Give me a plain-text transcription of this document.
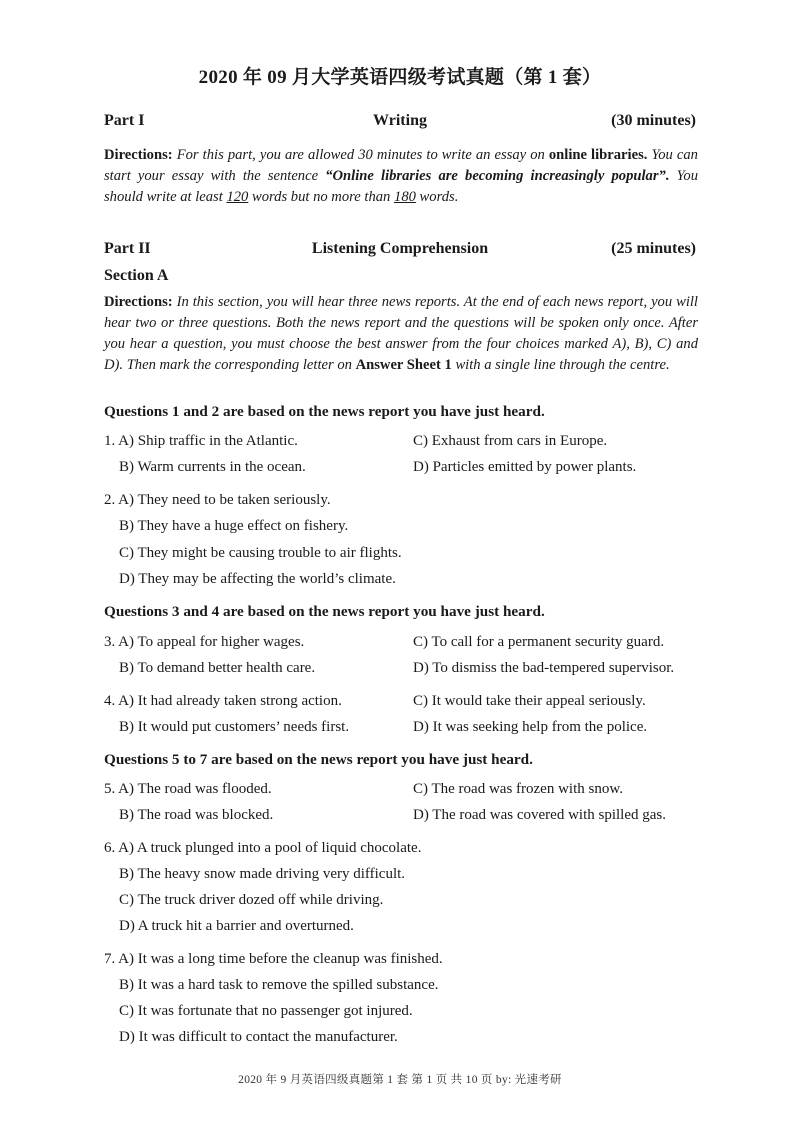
2020 年 09 月大学英语四级考试真题（第 1 套）
Part I	Writing	(30 minutes)
Directions: For this part, you are allowed 30 minutes to write an essay on online libraries. You can start your essay with the sentence “Online libraries are becoming increasingly popular”. You should write at least 120 words but no more than 180 words.
Part II	Listening Comprehension	(25 minutes)
Section A
Directions: In this section, you will hear three news reports. At the end of each news report, you will hear two or three questions. Both the news report and the questions will be spoken only once. After you hear a question, you must choose the best answer from the four choices marked A), B), C) and D). Then mark the corresponding letter on Answer Sheet 1 with a single line through the centre.
Questions 1 and 2 are based on the news report you have just heard.
1. A) Ship traffic in the Atlantic.	C) Exhaust from cars in Europe.
B) Warm currents in the ocean.	D) Particles emitted by power plants.
2. A) They need to be taken seriously.
B) They have a huge effect on fishery.
C) They might be causing trouble to air flights.
D) They may be affecting the world’s climate.
Questions 3 and 4 are based on the news report you have just heard.
3. A) To appeal for higher wages.	C) To call for a permanent security guard.
B) To demand better health care.	D) To dismiss the bad-tempered supervisor.
4. A) It had already taken strong action.	C) It would take their appeal seriously.
B) It would put customers’ needs first.	D) It was seeking help from the police.
Questions 5 to 7 are based on the news report you have just heard.
5. A) The road was flooded.	C) The road was frozen with snow.
B) The road was blocked.	D) The road was covered with spilled gas.
6. A) A truck plunged into a pool of liquid chocolate.
B) The heavy snow made driving very difficult.
C) The truck driver dozed off while driving.
D) A truck hit a barrier and overturned.
7. A) It was a long time before the cleanup was finished.
B) It was a hard task to remove the spilled substance.
C) It was fortunate that no passenger got injured.
D) It was difficult to contact the manufacturer.
2020 年 9 月英语四级真题第 1 套 第 1 页 共 10 页 by: 光速考研
